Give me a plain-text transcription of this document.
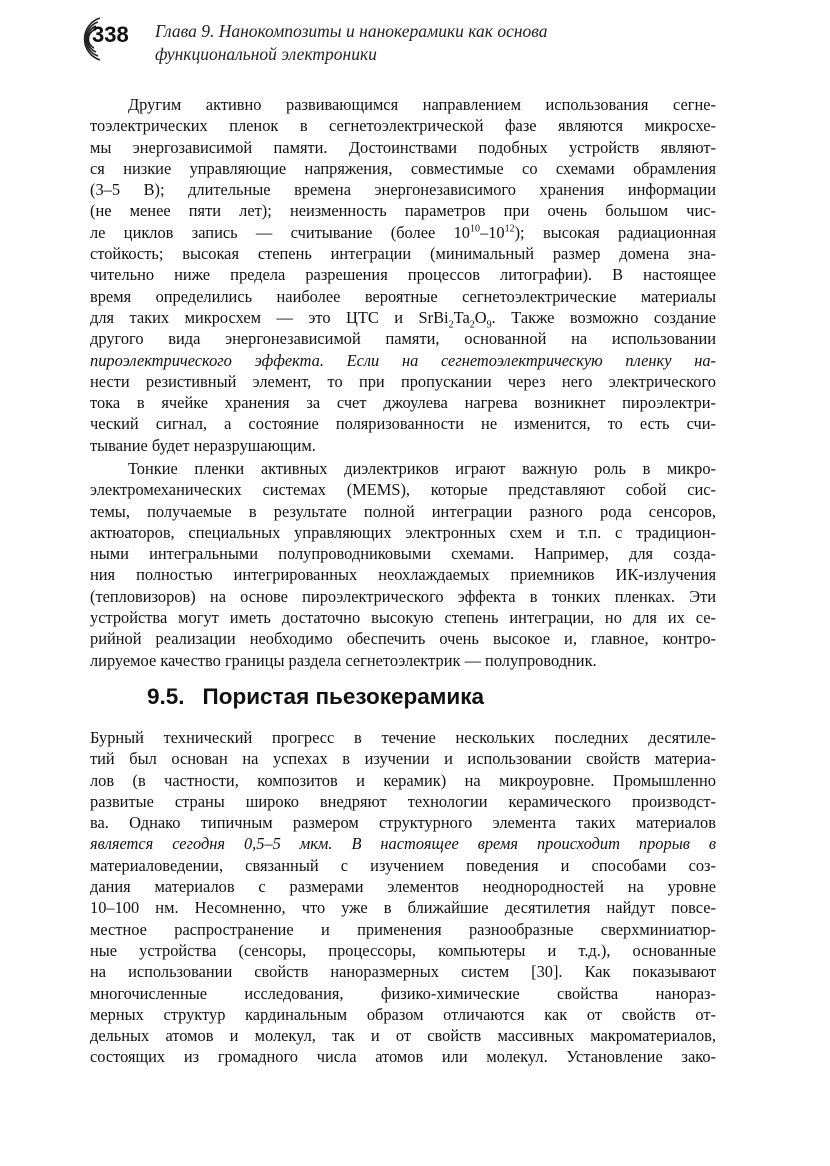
338 Глава 9. Нанокомпозиты и нанокерамики как основа
функциональной электроники

Другим активно развивающимся направлением использования сегне-
тоэлектрических пленок в сегнетоэлектрической фазе являются микросхе-
мы энергозависимой памяти. Достоинствами подобных устройств являют-
ся низкие управляющие напряжения, совместимые со схемами обрамления
(3–5 В); длительные времена энергонезависимого хранения информации
(не менее пяти лет); неизменность параметров при очень большом чис-
ле циклов запись — считывание (более $10^{10}-10^{12}$); высокая радиационная
стойкость; высокая степень интеграции (минимальный размер домена зна-
чительно ниже предела разрешения процессов литографии). В настоящее
время определились наиболее вероятные сегнетоэлектрические материалы
для таких микросхем — это ЦТС и $SrBi_2Ta_2O_9$. Также возможно создание
другого вида энергонезависимой памяти, основанной на использовании
пироэлектрического эффекта. Если на сегнетоэлектрическую пленку на-
нести резистивный элемент, то при пропускании через него электрического
тока в ячейке хранения за счет джоулева нагрева возникнет пироэлектри-
ческий сигнал, а состояние поляризованности не изменится, то есть счи-
тывание будет неразрушающим.

Тонкие пленки активных диэлектриков играют важную роль в микро-
электромеханических системах (MEMS), которые представляют собой сис-
темы, получаемые в результате полной интеграции разного рода сенсоров,
актюаторов, специальных управляющих электронных схем и т.п. с традицион-
ными интегральными полупроводниковыми схемами. Например, для созда-
ния полностью интегрированных неохлаждаемых приемников ИК-излучения
(тепловизоров) на основе пироэлектрического эффекта в тонких пленках. Эти
устройства могут иметь достаточно высокую степень интеграции, но для их се-
рийной реализации необходимо обеспечить очень высокое и, главное, контро-
лируемое качество границы раздела сегнетоэлектрик — полупроводник.

9.5. Пористая пьезокерамика

Бурный технический прогресс в течение нескольких последних десятиле-
тий был основан на успехах в изучении и использовании свойств материа-
лов (в частности, композитов и керамик) на микроуровне. Промышленно
развитые страны широко внедряют технологии керамического производст-
ва. Однако типичным размером структурного элемента таких материалов
является сегодня 0,5–5 мкм. В настоящее время происходит прорыв в
материаловедении, связанный с изучением поведения и способами соз-
дания материалов с размерами элементов неоднородностей на уровне
10–100 нм. Несомненно, что уже в ближайшие десятилетия найдут повсе-
местное распространение и применения разнообразные сверхминиатюр-
ные устройства (сенсоры, процессоры, компьютеры и т.д.), основанные
на использовании свойств наноразмерных систем [30]. Как показывают
многочисленные исследования, физико-химические свойства нанораз-
мерных структур кардинальным образом отличаются как от свойств от-
дельных атомов и молекул, так и от свойств массивных макроматериалов,
состоящих из громадного числа атомов или молекул. Установление зако-
